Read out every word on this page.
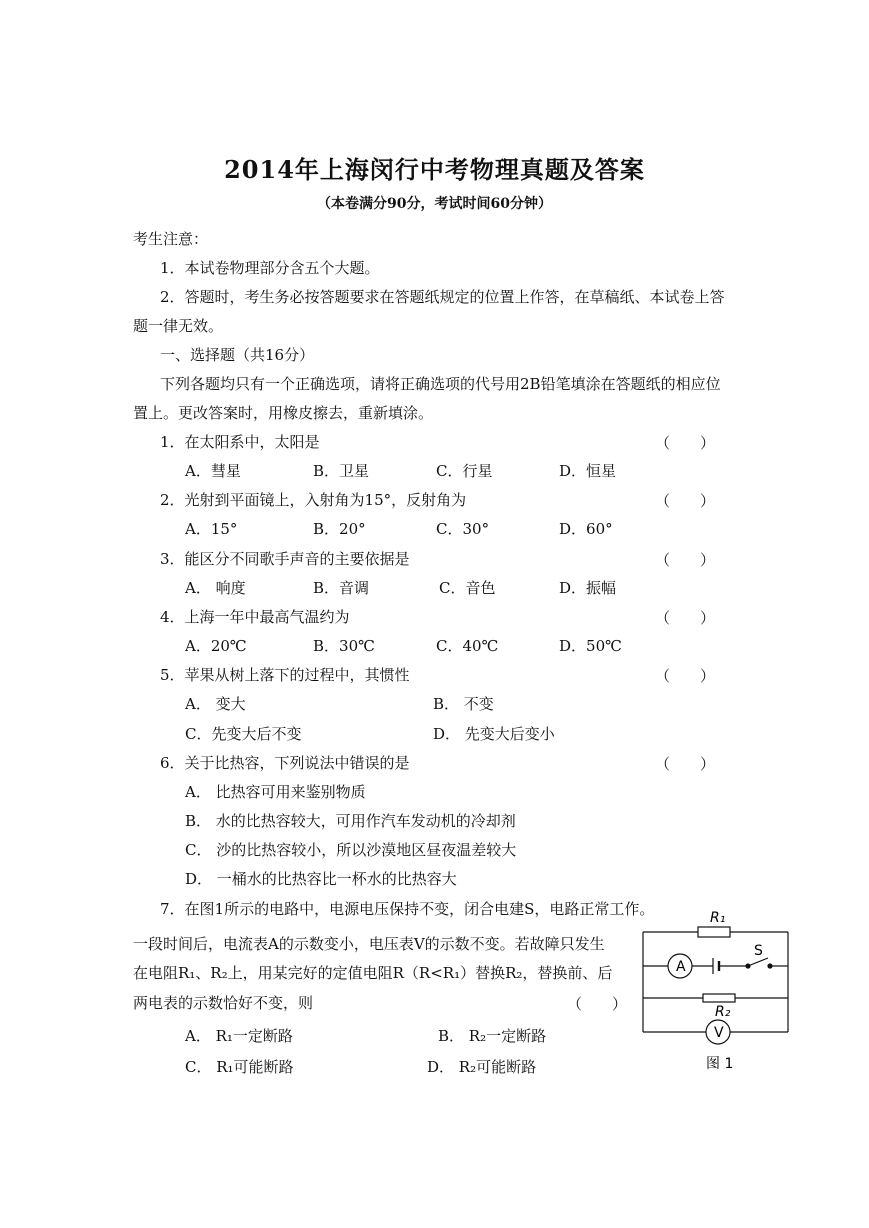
2014年上海闵行中考物理真题及答案
（本卷满分90分，考试时间60分钟）
考生注意：
1．本试卷物理部分含五个大题。
2．答题时，考生务必按答题要求在答题纸规定的位置上作答，在草稿纸、本试卷上答
题一律无效。
一、选择题（共16分）
下列各题均只有一个正确选项，请将正确选项的代号用2B铅笔填涂在答题纸的相应位
置上。更改答案时，用橡皮擦去，重新填涂。
1．在太阳系中，太阳是	（　　）
A．彗星	B．卫星	C．行星	D．恒星
2．光射到平面镜上，入射角为15°，反射角为	（　　）
A．15°	B．20°	C．30°	D．60°
3．能区分不同歌手声音的主要依据是	（　　）
A． 响度	B．音调	C．音色	D．振幅
4．上海一年中最高气温约为	（　　）
A．20℃	B．30℃	C．40℃	D．50℃
5．苹果从树上落下的过程中，其惯性	（　　）
A． 变大	B． 不变
C．先变大后不变	D． 先变大后变小
6．关于比热容，下列说法中错误的是	（　　）
A． 比热容可用来鉴别物质
B． 水的比热容较大，可用作汽车发动机的冷却剂
C． 沙的比热容较小，所以沙漠地区昼夜温差较大
D． 一桶水的比热容比一杯水的比热容大
7．在图1所示的电路中，电源电压保持不变，闭合电建S，电路正常工作。
一段时间后，电流表A的示数变小，电压表V的示数不变。若故障只发生
在电阻R₁、R₂上，用某完好的定值电阻R（R<R₁）替换R₂，替换前、后
两电表的示数恰好不变，则	（　　）
A． R₁一定断路	B． R₂一定断路
C． R₁可能断路	D． R₂可能断路
R₁
A
S
R₂
V
图 1
